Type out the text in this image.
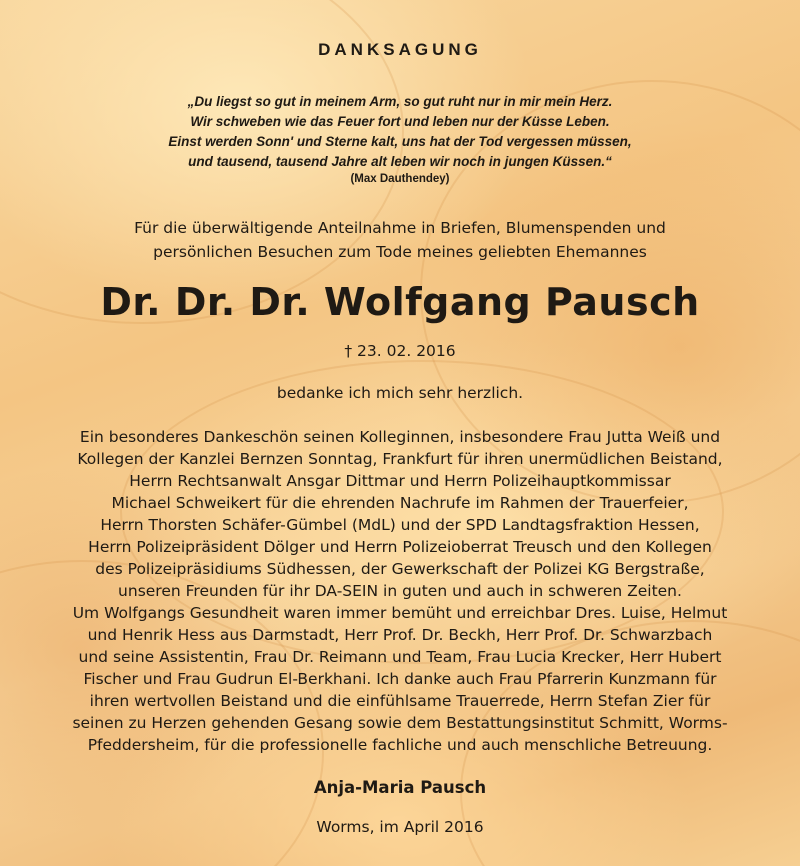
DANKSAGUNG
„Du liegst so gut in meinem Arm, so gut ruht nur in mir mein Herz.
Wir schweben wie das Feuer fort und leben nur der Küsse Leben.
Einst werden Sonn' und Sterne kalt, uns hat der Tod vergessen müssen,
und tausend, tausend Jahre alt leben wir noch in jungen Küssen.“
(Max Dauthendey)
Für die überwältigende Anteilnahme in Briefen, Blumenspenden und
persönlichen Besuchen zum Tode meines geliebten Ehemannes
Dr. Dr. Dr. Wolfgang Pausch
† 23. 02. 2016
bedanke ich mich sehr herzlich.
Ein besonderes Dankeschön seinen Kolleginnen, insbesondere Frau Jutta Weiß und
Kollegen der Kanzlei Bernzen Sonntag, Frankfurt für ihren unermüdlichen Beistand,
Herrn Rechtsanwalt Ansgar Dittmar und Herrn Polizeihauptkommissar
Michael Schweikert für die ehrenden Nachrufe im Rahmen der Trauerfeier,
Herrn Thorsten Schäfer-Gümbel (MdL) und der SPD Landtagsfraktion Hessen,
Herrn Polizeipräsident Dölger und Herrn Polizeioberrat Treusch und den Kollegen
des Polizeipräsidiums Südhessen, der Gewerkschaft der Polizei KG Bergstraße,
unseren Freunden für ihr DA-SEIN in guten und auch in schweren Zeiten.
Um Wolfgangs Gesundheit waren immer bemüht und erreichbar Dres. Luise, Helmut
und Henrik Hess aus Darmstadt, Herr Prof. Dr. Beckh, Herr Prof. Dr. Schwarzbach
und seine Assistentin, Frau Dr. Reimann und Team, Frau Lucia Krecker, Herr Hubert
Fischer und Frau Gudrun El-Berkhani. Ich danke auch Frau Pfarrerin Kunzmann für
ihren wertvollen Beistand und die einfühlsame Trauerrede, Herrn Stefan Zier für
seinen zu Herzen gehenden Gesang sowie dem Bestattungsinstitut Schmitt, Worms-
Pfeddersheim, für die professionelle fachliche und auch menschliche Betreuung.
Anja-Maria Pausch
Worms, im April 2016
